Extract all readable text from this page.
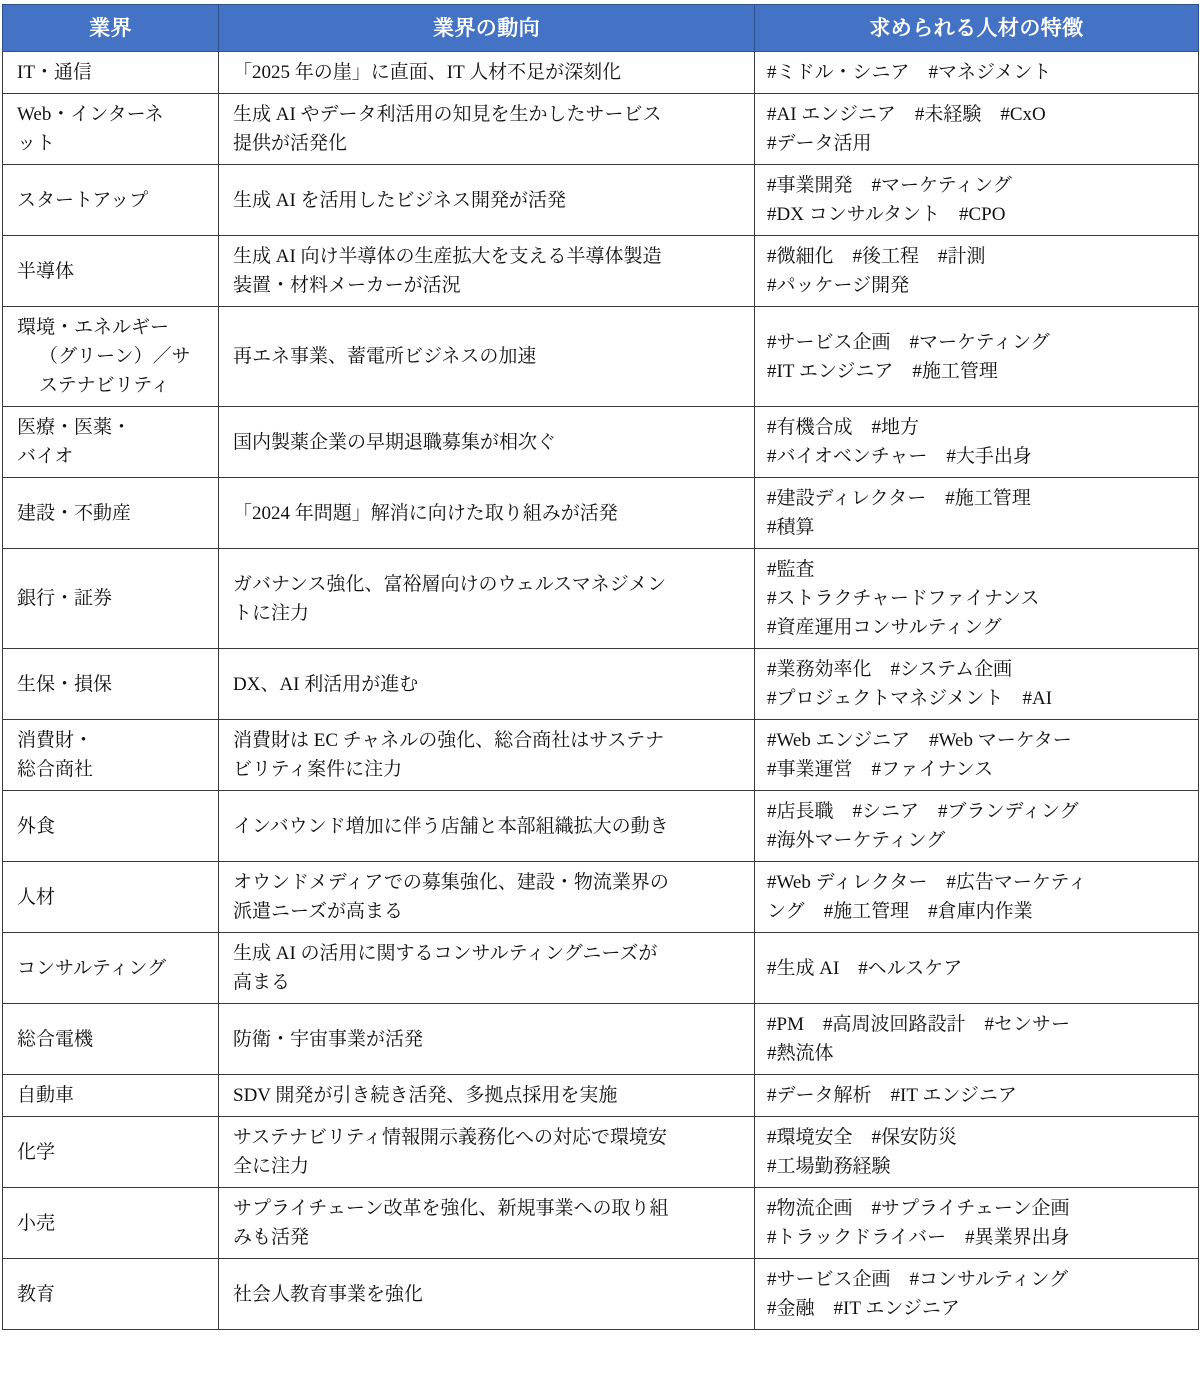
業界	業界の動向	求められる人材の特徴

IT・通信	「2025 年の崖」に直面、IT 人材不足が深刻化	#ミドル・シニア　#マネジメント

Web・インターネ
ット	生成 AI やデータ利活用の知見を生かしたサービス
提供が活発化	#AI エンジニア　#未経験　#CxO
#データ活用

スタートアップ	生成 AI を活用したビジネス開発が活発	#事業開発　#マーケティング
#DX コンサルタント　#CPO

半導体	生成 AI 向け半導体の生産拡大を支える半導体製造
装置・材料メーカーが活況	#微細化　#後工程　#計測
#パッケージ開発

環境・エネルギー
（グリーン）／サ
ステナビリティ	再エネ事業、蓄電所ビジネスの加速	#サービス企画　#マーケティング
#IT エンジニア　#施工管理

医療・医薬・
バイオ	国内製薬企業の早期退職募集が相次ぐ	#有機合成　#地方
#バイオベンチャー　#大手出身

建設・不動産	「2024 年問題」解消に向けた取り組みが活発	#建設ディレクター　#施工管理
#積算

銀行・証券	ガバナンス強化、富裕層向けのウェルスマネジメン
トに注力	#監査
#ストラクチャードファイナンス
#資産運用コンサルティング

生保・損保	DX、AI 利活用が進む	#業務効率化　#システム企画
#プロジェクトマネジメント　#AI

消費財・
総合商社	消費財は EC チャネルの強化、総合商社はサステナ
ビリティ案件に注力	#Web エンジニア　#Web マーケター
#事業運営　#ファイナンス

外食	インバウンド増加に伴う店舗と本部組織拡大の動き	#店長職　#シニア　#ブランディング
#海外マーケティング

人材	オウンドメディアでの募集強化、建設・物流業界の
派遣ニーズが高まる	#Web ディレクター　#広告マーケティ
ング　#施工管理　#倉庫内作業

コンサルティング	生成 AI の活用に関するコンサルティングニーズが
高まる	#生成 AI　#ヘルスケア

総合電機	防衛・宇宙事業が活発	#PM　#高周波回路設計　#センサー
#熱流体

自動車	SDV 開発が引き続き活発、多拠点採用を実施	#データ解析　#IT エンジニア

化学	サステナビリティ情報開示義務化への対応で環境安
全に注力	#環境安全　#保安防災
#工場勤務経験

小売	サプライチェーン改革を強化、新規事業への取り組
みも活発	#物流企画　#サプライチェーン企画
#トラックドライバー　#異業界出身

教育	社会人教育事業を強化	#サービス企画　#コンサルティング
#金融　#IT エンジニア
